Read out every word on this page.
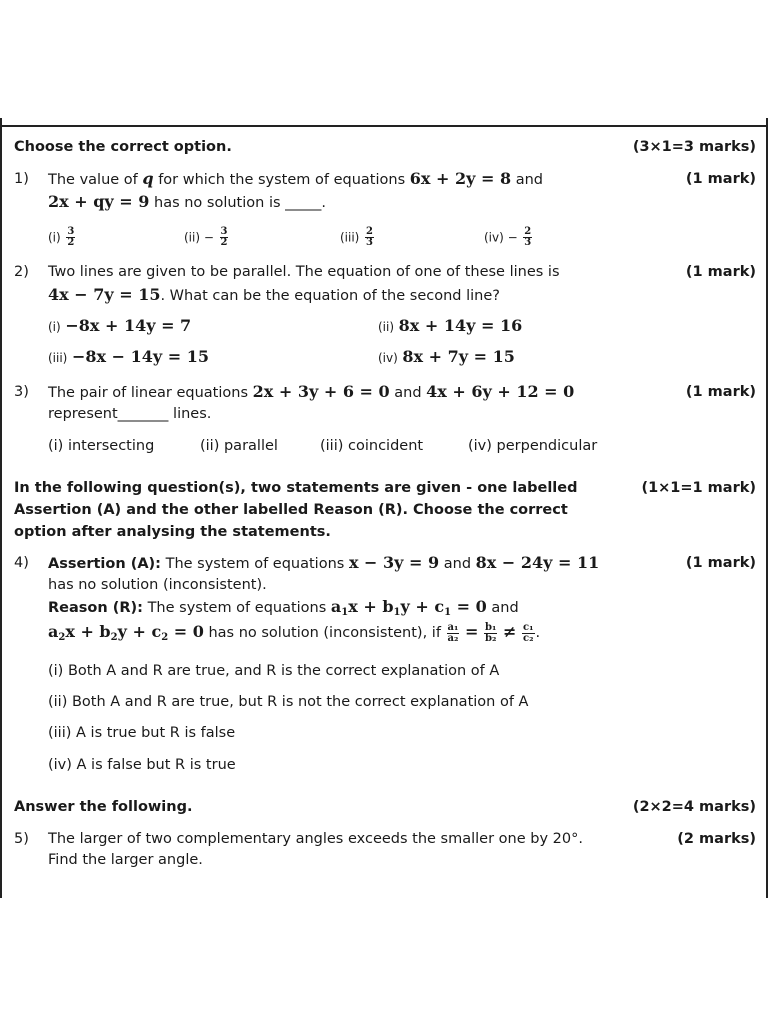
Choose the correct option.	(3×1=3 marks)
1) The value of q for which the system of equations 6x + 2y = 8 and	(1 mark)
2x + qy = 9 has no solution is _____.
$(i) \frac{3}{2}$	$(ii) - \frac{3}{2}$	$(iii) \frac{2}{3}$	$(iv) - \frac{2}{3}$
2) Two lines are given to be parallel. The equation of one of these lines is	(1 mark)
4x − 7y = 15. What can be the equation of the second line?
(i) −8x + 14y = 7	(ii) 8x + 14y = 16
(iii) −8x − 14y = 15	(iv) 8x + 7y = 15
3) The pair of linear equations 2x + 3y + 6 = 0 and 4x + 6y + 12 = 0	(1 mark)
represent_______ lines.
(i) intersecting	(ii) parallel	(iii) coincident	(iv) perpendicular
In the following question(s), two statements are given - one labelled	(1×1=1 mark)
Assertion (A) and the other labelled Reason (R). Choose the correct
option after analysing the statements.
4) Assertion (A): The system of equations x − 3y = 9 and 8x − 24y = 11	(1 mark)
has no solution (inconsistent).
Reason (R): The system of equations $a_1x + b_1y + c_1 = 0$ and
$a_2x + b_2y + c_2 = 0$ has no solution (inconsistent), if $\frac{\text{a₁}}{\text{a₂}} = \frac{\text{b₁}}{\text{b₂}} \ne \frac{\text{c₁}}{\text{c₂}}$ .
(i) Both A and R are true, and R is the correct explanation of A
(ii) Both A and R are true, but R is not the correct explanation of A
(iii) A is true but R is false
(iv) A is false but R is true
Answer the following.	(2×2=4 marks)
5) The larger of two complementary angles exceeds the smaller one by 20°.	(2 marks)
Find the larger angle.
